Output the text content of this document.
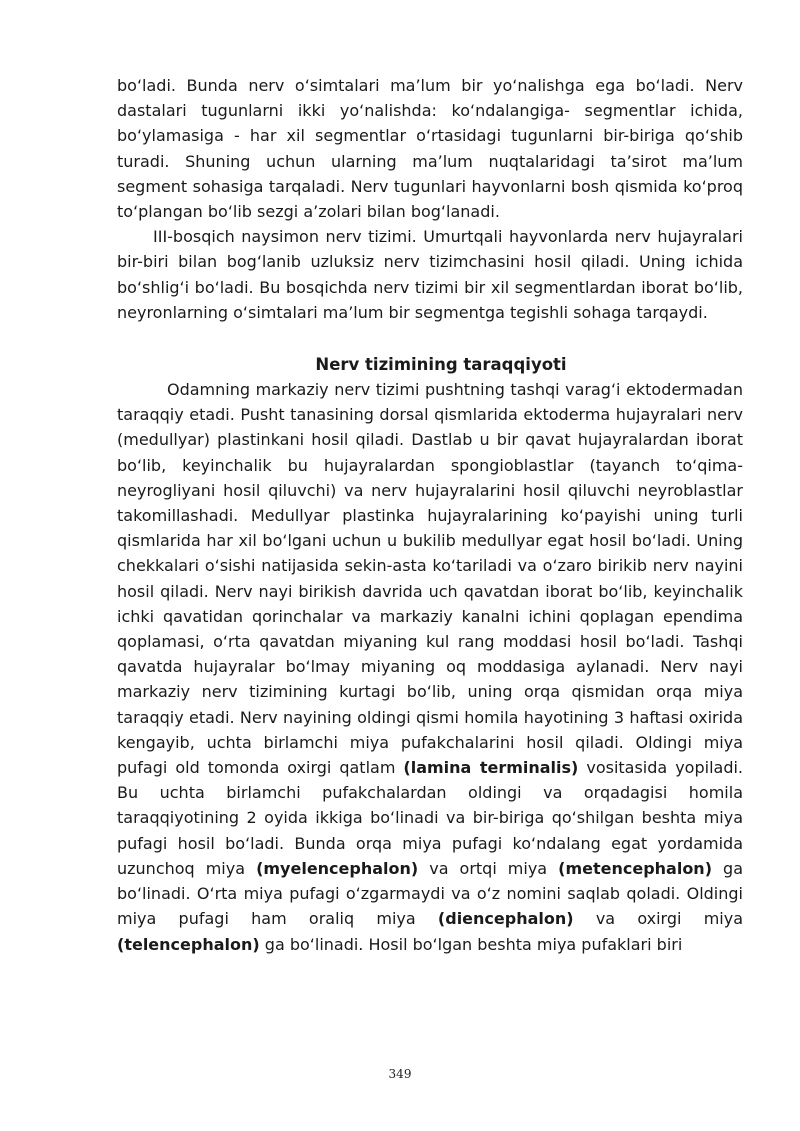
bo‘ladi. Bunda nerv o‘simtalari ma’lum bir yo‘nalishga ega bo‘ladi. Nerv dastalari tugunlarni ikki yo‘nalishda: ko‘ndalangiga- segmentlar ichida, bo‘ylamasiga - har xil segmentlar o‘rtasidagi tugunlarni bir-biriga qo‘shib turadi. Shuning uchun ularning ma’lum nuqtalaridagi ta’sirot ma’lum segment sohasiga tarqaladi. Nerv tugunlari hayvonlarni bosh qismida ko‘proq to‘plangan bo‘lib sezgi a’zolari bilan bog‘lanadi.

III-bosqich naysimon nerv tizimi. Umurtqali hayvonlarda nerv hujayralari bir-biri bilan bog‘lanib uzluksiz nerv tizimchasini hosil qiladi. Uning ichida bo‘shlig‘i bo‘ladi. Bu bosqichda nerv tizimi bir xil segmentlardan iborat bo‘lib, neyronlarning o‘simtalari ma’lum bir segmentga tegishli sohaga tarqaydi.

Nerv tizimining taraqqiyoti

Odamning markaziy nerv tizimi pushtning tashqi varag‘i ektodermadan taraqqiy etadi. Pusht tanasining dorsal qismlarida ektoderma hujayralari nerv (medullyar) plastinkani hosil qiladi. Dastlab u bir qavat hujayralardan iborat bo‘lib, keyinchalik bu hujayralardan spongioblastlar (tayanch to‘qima-neyrogliyani hosil qiluvchi) va nerv hujayralarini hosil qiluvchi neyroblastlar takomillashadi. Medullyar plastinka hujayralarining ko‘payishi uning turli qismlarida har xil bo‘lgani uchun u bukilib medullyar egat hosil bo‘ladi. Uning chekkalari o‘sishi natijasida sekin-asta ko‘tariladi va o‘zaro birikib nerv nayini hosil qiladi. Nerv nayi birikish davrida uch qavatdan iborat bo‘lib, keyinchalik ichki qavatidan qorinchalar va markaziy kanalni ichini qoplagan ependima qoplamasi, o‘rta qavatdan miyaning kul rang moddasi hosil bo‘ladi. Tashqi qavatda hujayralar bo‘lmay miyaning oq moddasiga aylanadi. Nerv nayi markaziy nerv tizimining kurtagi bo‘lib, uning orqa qismidan orqa miya taraqqiy etadi. Nerv nayining oldingi qismi homila hayotining 3 haftasi oxirida kengayib, uchta birlamchi miya pufakchalarini hosil qiladi. Oldingi miya pufagi old tomonda oxirgi qatlam (lamina terminalis) vositasida yopiladi. Bu uchta birlamchi pufakchalardan oldingi va orqadagisi homila taraqqiyotining 2 oyida ikkiga bo‘linadi va bir-biriga qo‘shilgan beshta miya pufagi hosil bo‘ladi. Bunda orqa miya pufagi ko‘ndalang egat yordamida uzunchoq miya (myelencephalon) va ortqi miya (metencephalon) ga bo‘linadi. O‘rta miya pufagi o‘zgarmaydi va o‘z nomini saqlab qoladi. Oldingi miya pufagi ham oraliq miya (diencephalon) va oxirgi miya (telencephalon) ga bo‘linadi. Hosil bo‘lgan beshta miya pufaklari biri

349
